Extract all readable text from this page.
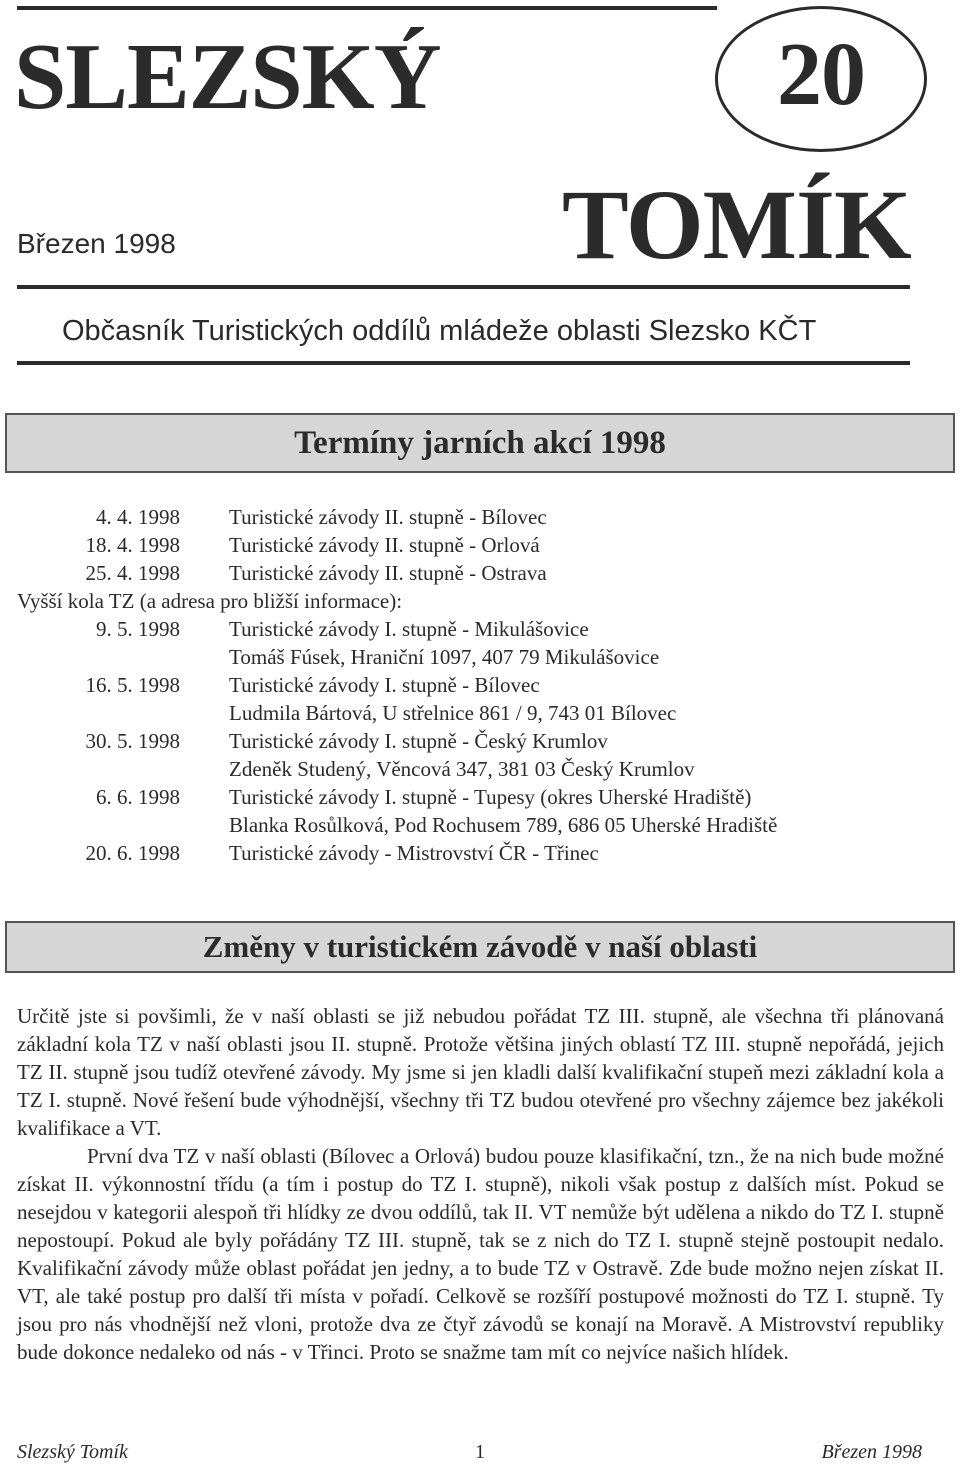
SLEZSKÝ	20
TOMÍK
Březen 1998
Občasník Turistických oddílů mládeže oblasti Slezsko KČT
Termíny jarních akcí 1998
4. 4. 1998 Turistické závody II. stupně - Bílovec
18. 4. 1998 Turistické závody II. stupně - Orlová
25. 4. 1998 Turistické závody II. stupně - Ostrava
Vyšší kola TZ (a adresa pro bližší informace):
9. 5. 1998 Turistické závody I. stupně - Mikulášovice
Tomáš Fúsek, Hraniční 1097, 407 79 Mikulášovice
16. 5. 1998 Turistické závody I. stupně - Bílovec
Ludmila Bártová, U střelnice 861 / 9, 743 01 Bílovec
30. 5. 1998 Turistické závody I. stupně - Český Krumlov
Zdeněk Studený, Věncová 347, 381 03 Český Krumlov
6. 6. 1998 Turistické závody I. stupně - Tupesy (okres Uherské Hradiště)
Blanka Rosůlková, Pod Rochusem 789, 686 05 Uherské Hradiště
20. 6. 1998 Turistické závody - Mistrovství ČR - Třinec
Změny v turistickém závodě v naší oblasti

Určitě jste si povšimli, že v naší oblasti se již nebudou pořádat TZ III. stupně, ale všechna tři plánovaná základní kola TZ v naší oblasti jsou II. stupně. Protože většina jiných oblastí TZ III. stupně nepořádá, jejich TZ II. stupně jsou tudíž otevřené závody. My jsme si jen kladli další kvalifikační stupeň mezi základní kola a TZ I. stupně. Nové řešení bude výhodnější, všechny tři TZ budou otevřené pro všechny zájemce bez jakékoli kvalifikace a VT.

První dva TZ v naší oblasti (Bílovec a Orlová) budou pouze klasifikační, tzn., že na nich bude možné získat II. výkonnostní třídu (a tím i postup do TZ I. stupně), nikoli však postup z dalších míst. Pokud se nesejdou v kategorii alespoň tři hlídky ze dvou oddílů, tak II. VT nemůže být udělena a nikdo do TZ I. stupně nepostoupí. Pokud ale byly pořádány TZ III. stupně, tak se z nich do TZ I. stupně stejně postoupit nedalo. Kvalifikační závody může oblast pořádat jen jedny, a to bude TZ v Ostravě. Zde bude možno nejen získat II. VT, ale také postup pro další tři místa v pořadí. Celkově se rozšíří postupové možnosti do TZ I. stupně. Ty jsou pro nás vhodnější než vloni, protože dva ze čtyř závodů se konají na Moravě. A Mistrovství republiky bude dokonce nedaleko od nás - v Třinci. Proto se snažme tam mít co nejvíce našich hlídek.

Slezský Tomík	1	Březen 1998
